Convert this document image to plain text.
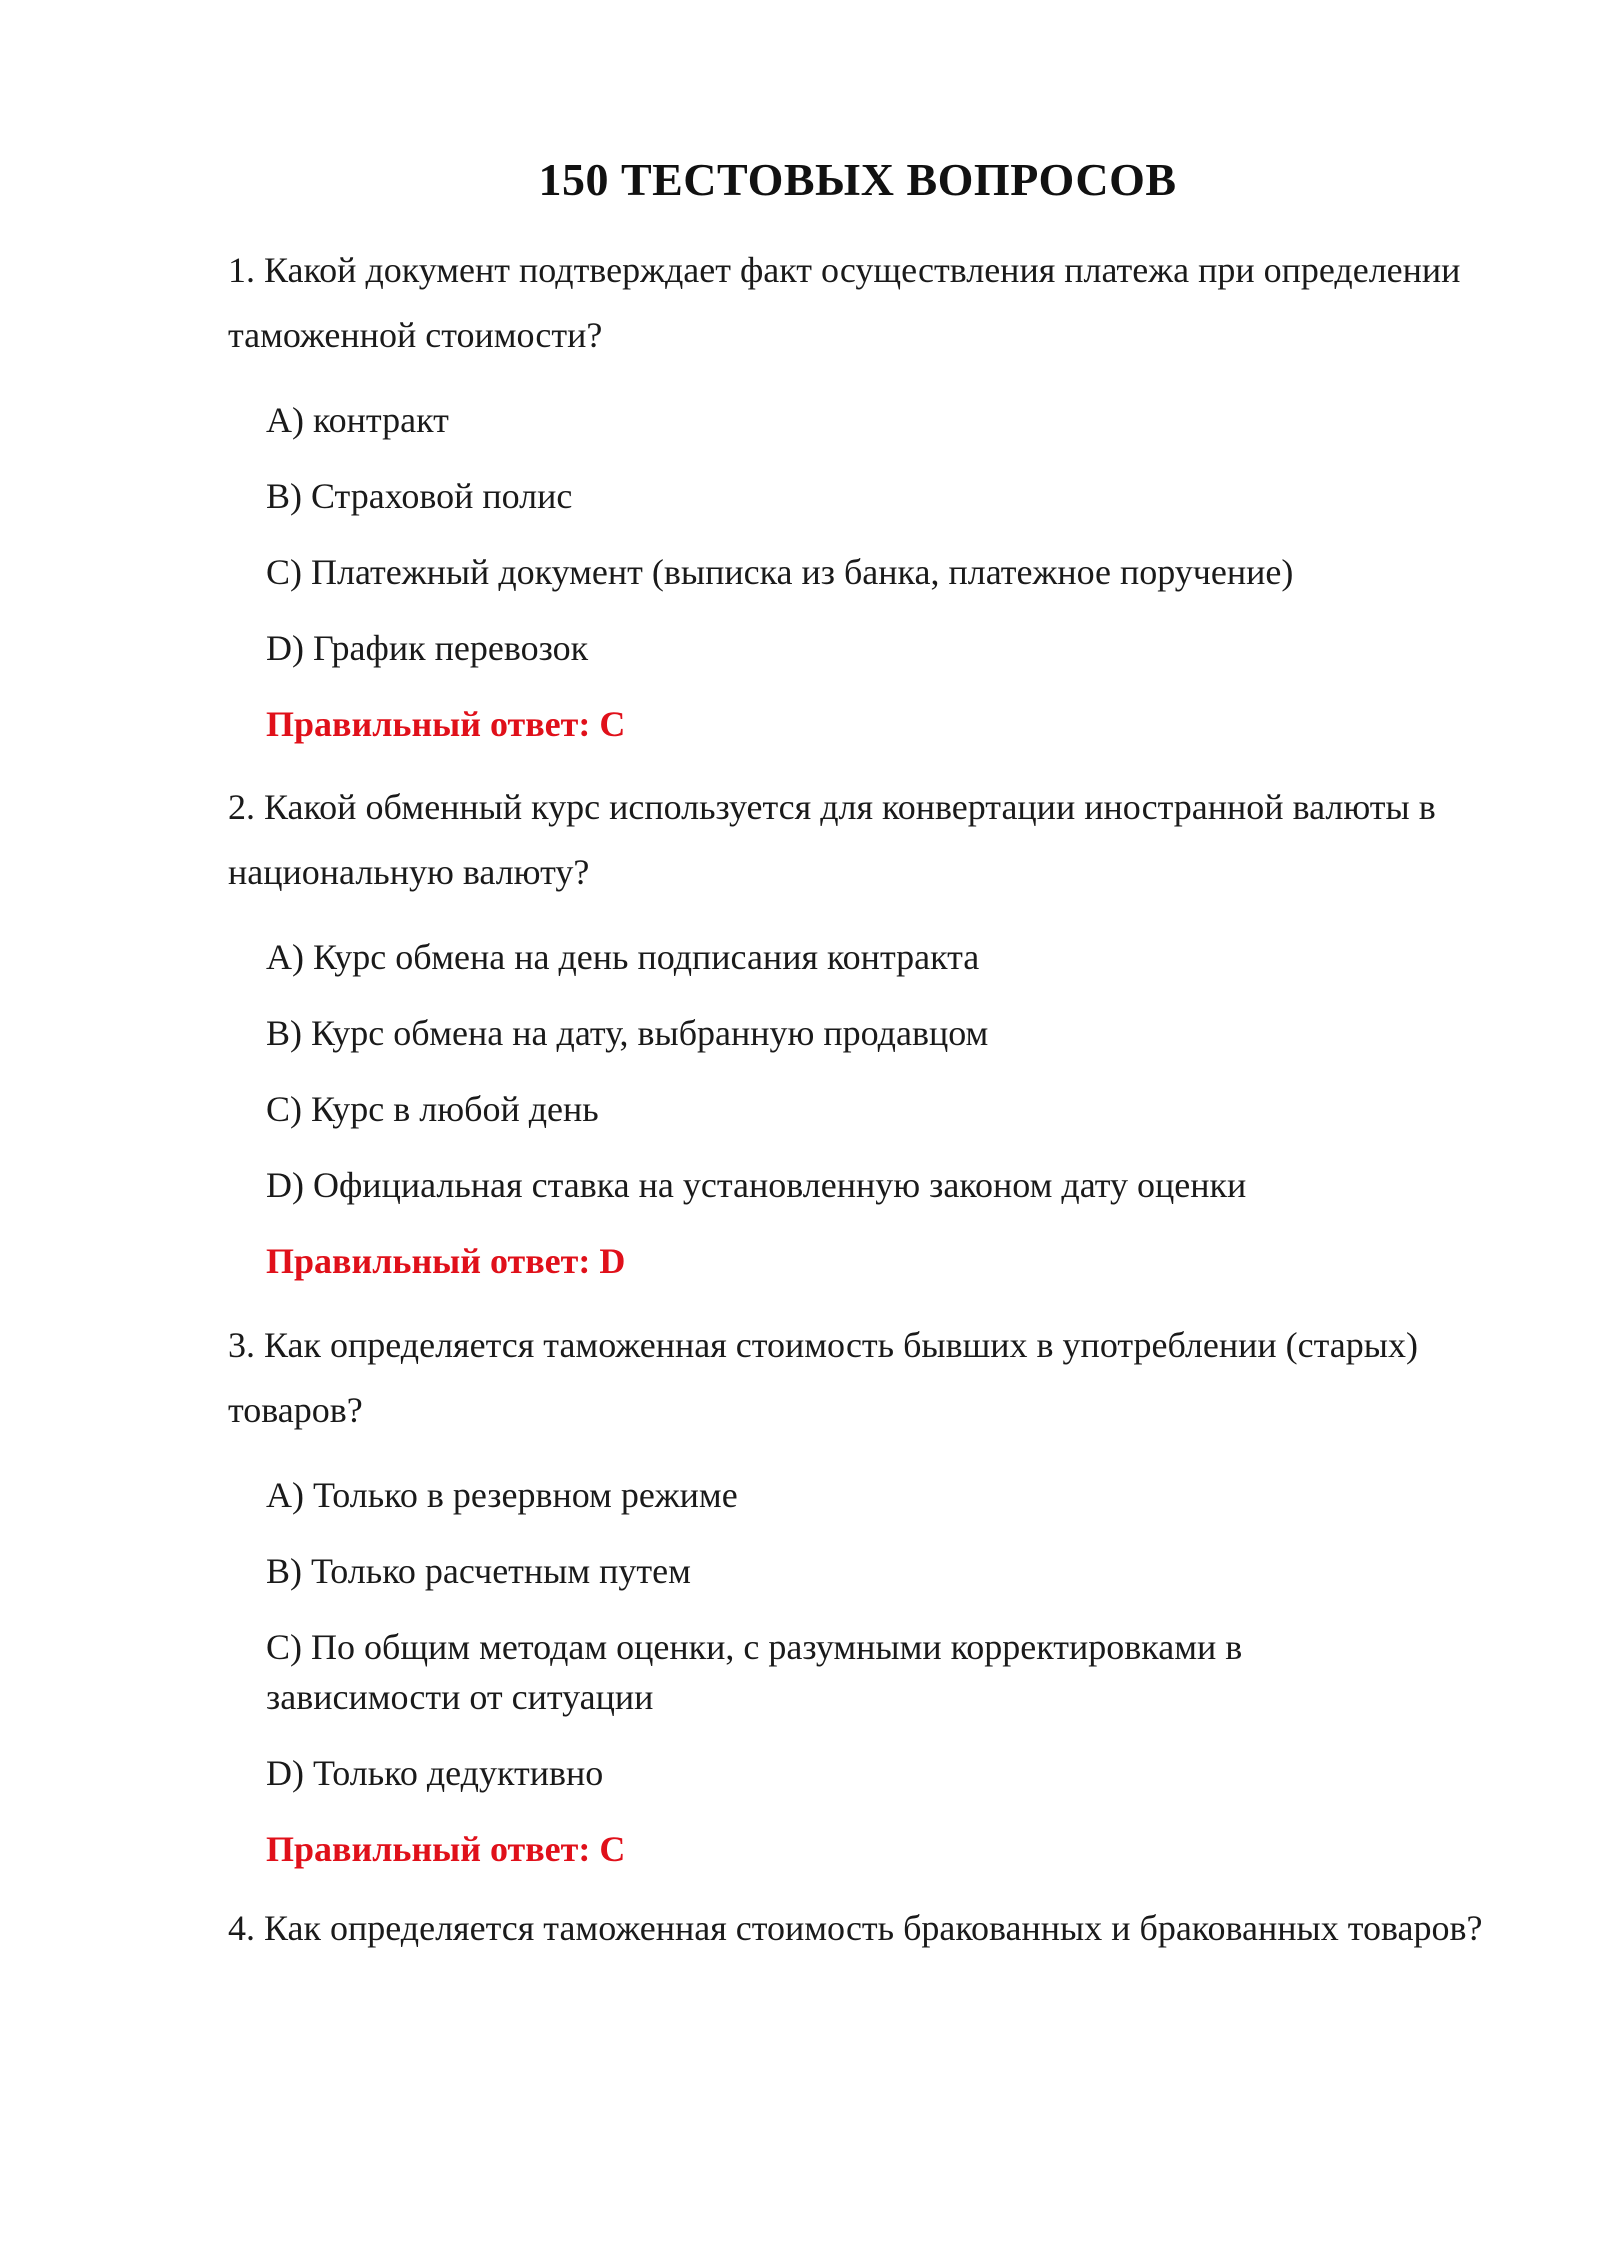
150 ТЕСТОВЫХ ВОПРОСОВ

1. Какой документ подтверждает факт осуществления платежа при определении таможенной стоимости?

A) контракт

B) Страховой полис

C) Платежный документ (выписка из банка, платежное поручение)

D) График перевозок

Правильный ответ: C

2. Какой обменный курс используется для конвертации иностранной валюты в национальную валюту?

A) Курс обмена на день подписания контракта

B) Курс обмена на дату, выбранную продавцом

C) Курс в любой день

D) Официальная ставка на установленную законом дату оценки

Правильный ответ: D

3. Как определяется таможенная стоимость бывших в употреблении (старых) товаров?

A) Только в резервном режиме

B) Только расчетным путем

C) По общим методам оценки, с разумными корректировками в зависимости от ситуации

D) Только дедуктивно

Правильный ответ: C

4. Как определяется таможенная стоимость бракованных и бракованных товаров?
